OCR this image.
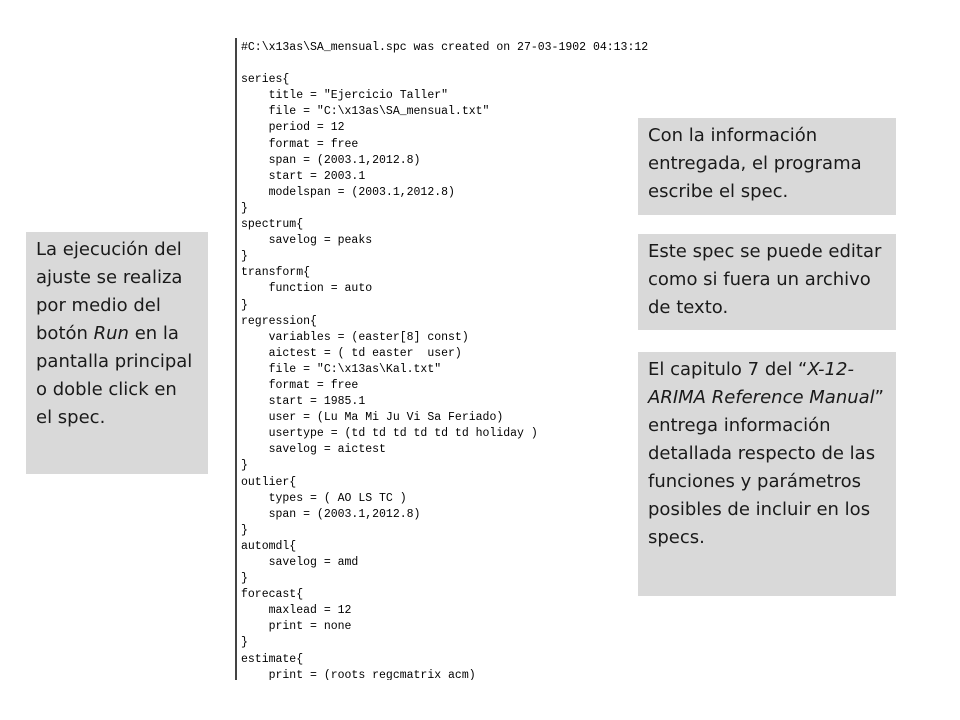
#C:\x13as\SA_mensual.spc was created on 27-03-1902 04:13:12
series{
title = "Ejercicio Taller"
file = "C:\x13as\SA_mensual.txt"
period = 12
format = free
span = (2003.1,2012.8)
start = 2003.1
modelspan = (2003.1,2012.8)
}
spectrum{
savelog = peaks
}
transform{
function = auto
}
regression{
variables = (easter[8] const)
aictest = ( td easter  user)
file = "C:\x13as\Kal.txt"
format = free
start = 1985.1
user = (Lu Ma Mi Ju Vi Sa Feriado)
usertype = (td td td td td td holiday )
savelog = aictest
}
outlier{
types = ( AO LS TC )
span = (2003.1,2012.8)
}
automdl{
savelog = amd
}
forecast{
maxlead = 12
print = none
}
estimate{
print = (roots regcmatrix acm)
La ejecución del ajuste se realiza por medio del botón Run en la pantalla principal o doble click en el spec.
Con la información entregada, el programa escribe el spec.
Este spec se puede editar como si fuera un archivo de texto.
El capitulo 7 del “X-12-ARIMA Reference Manual” entrega información detallada respecto de las funciones y parámetros posibles de incluir en los specs.
